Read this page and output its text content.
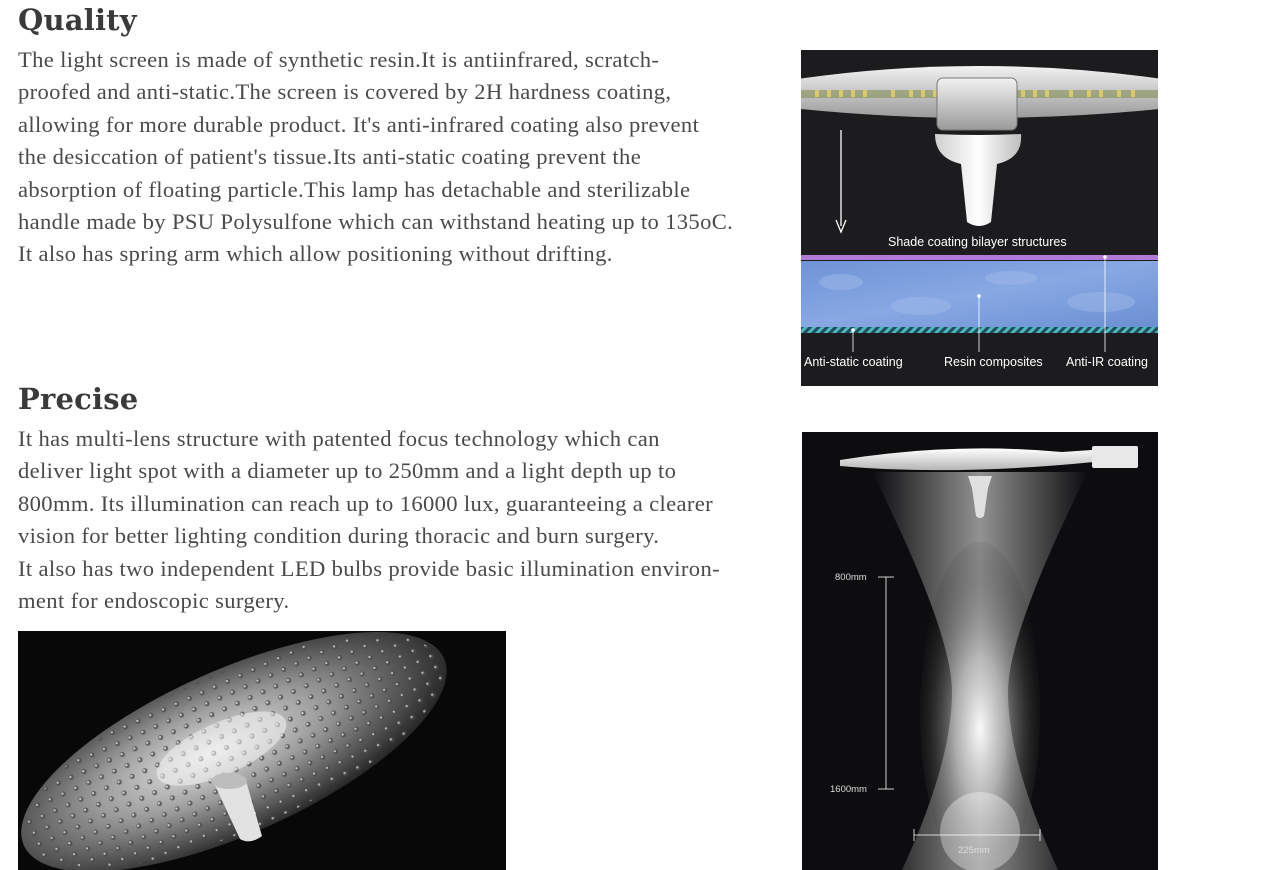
Quality
The light screen is made of synthetic resin.It is antiinfrared, scratch-
proofed and anti-static.The screen is covered by 2H hardness coating,
allowing for more durable product. It's anti-infrared coating also prevent
the desiccation of patient's tissue.Its anti-static coating prevent the
absorption of floating particle.This lamp has detachable and sterilizable
handle made by PSU Polysulfone which can withstand heating up to 135oC.
It also has spring arm which allow positioning without drifting.
Precise
It has multi-lens structure with patented focus technology which can
deliver light spot with a diameter up to 250mm and a light depth up to
800mm. Its illumination can reach up to 16000 lux, guaranteeing a clearer
vision for better lighting condition during thoracic and burn surgery.
It also has two independent LED bulbs provide basic illumination environ-
ment for endoscopic surgery.
Shade coating bilayer structures
Anti-static coating	Resin composites Anti-IR coating
800mm
1600mm
225mm
